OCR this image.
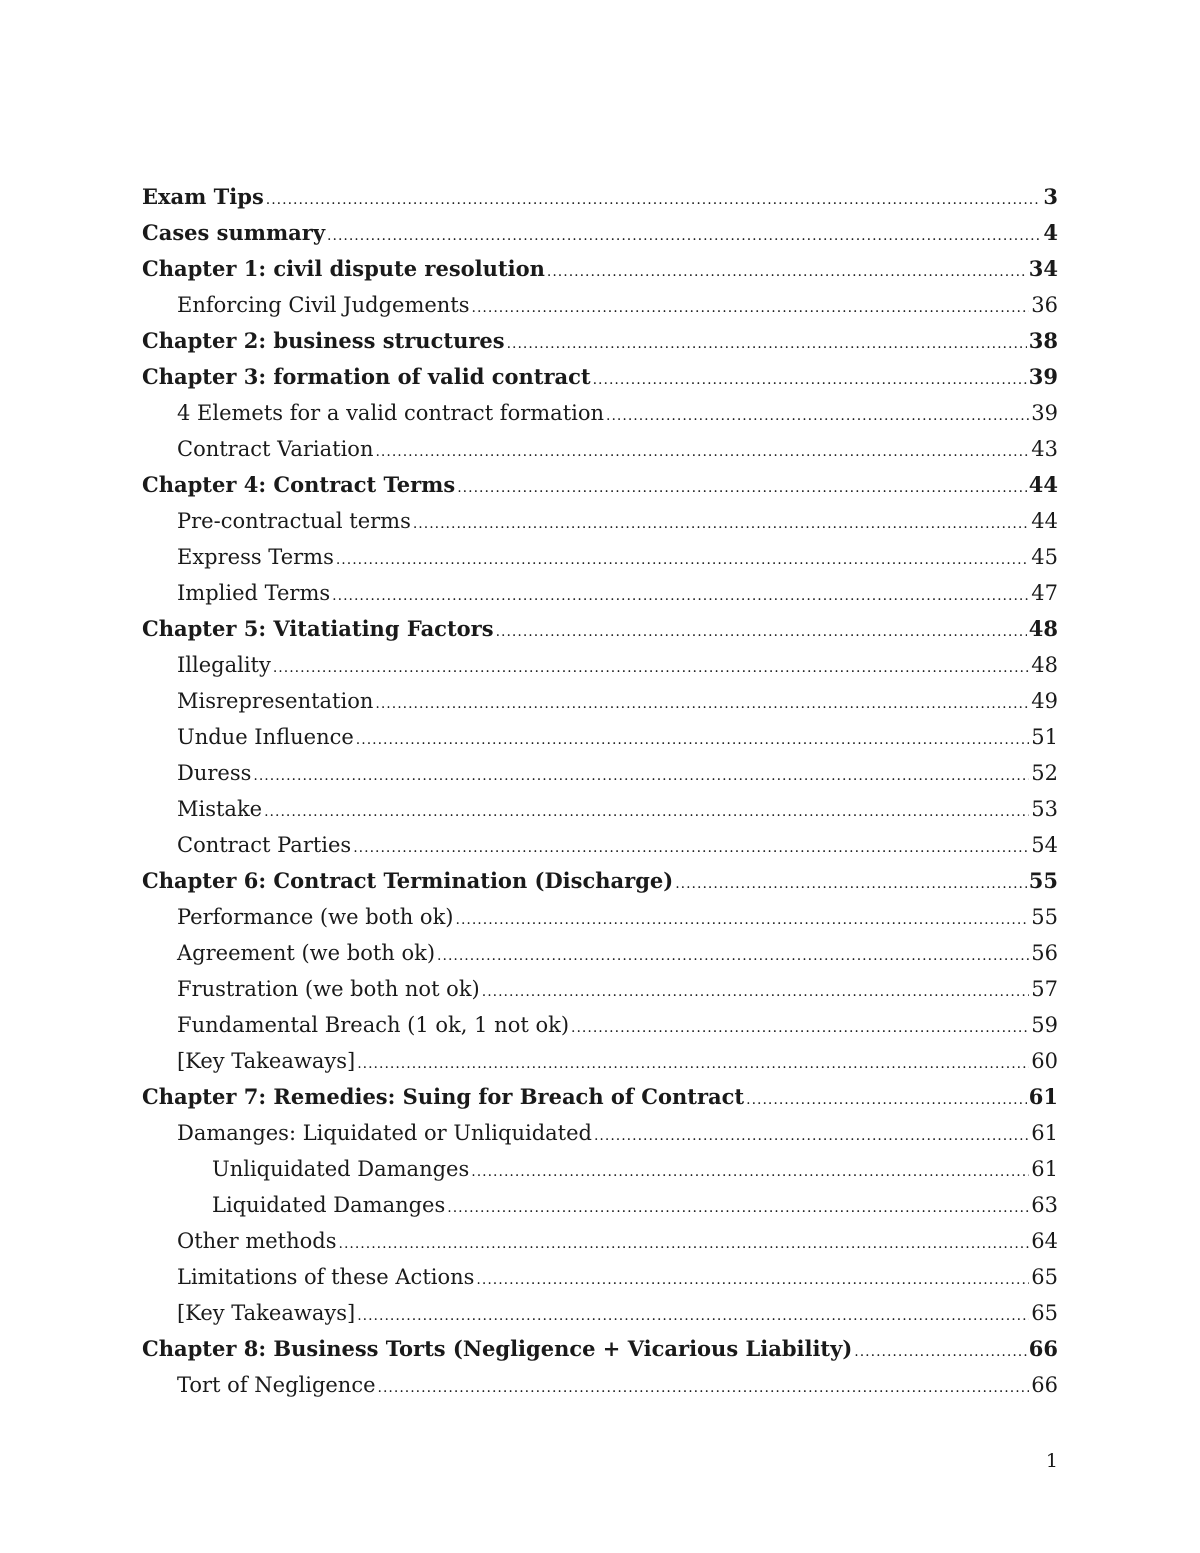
Exam Tips .....	3
Cases summary .....	4
Chapter 1: civil dispute resolution .....	34
Enforcing Civil Judgements .....	36
Chapter 2: business structures .....	38
Chapter 3: formation of valid contract .....	39
4 Elemets for a valid contract formation .....	39
Contract Variation .....	43
Chapter 4: Contract Terms .....	44
Pre-contractual terms .....	44
Express Terms .....	45
Implied Terms .....	47
Chapter 5: Vitatiating Factors .....	48
Illegality .....	48
Misrepresentation .....	49
Undue Influence .....	51
Duress .....	52
Mistake .....	53
Contract Parties .....	54
Chapter 6: Contract Termination (Discharge) .....	55
Performance (we both ok) .....	55
Agreement (we both ok) .....	56
Frustration (we both not ok) .....	57
Fundamental Breach (1 ok, 1 not ok) .....	59
[Key Takeaways] .....	60
Chapter 7: Remedies: Suing for Breach of Contract .....	61
Damanges: Liquidated or Unliquidated .....	61
Unliquidated Damanges .....	61
Liquidated Damanges .....	63
Other methods .....	64
Limitations of these Actions .....	65
[Key Takeaways] .....	65
Chapter 8: Business Torts (Negligence + Vicarious Liability) .....	66
Tort of Negligence .....	66
1
